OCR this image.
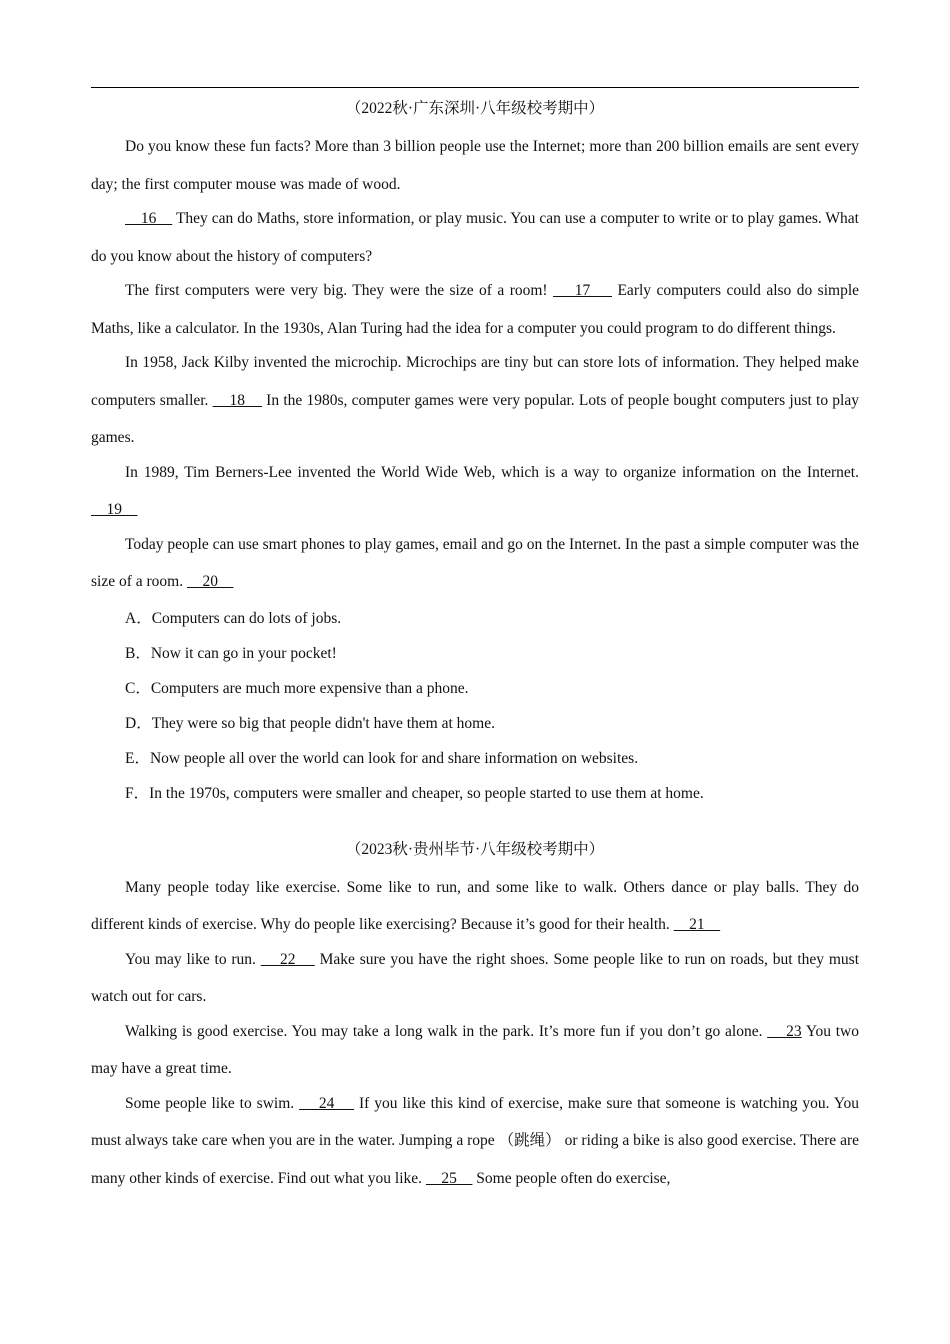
（2022秋·广东深圳·八年级校考期中）

Do you know these fun facts? More than 3 billion people use the Internet; more than 200 billion emails are sent every day; the first computer mouse was made of wood.

16     They can do Maths, store information, or play music. You can use a computer to write or to play games. What do you know about the history of computers?

The first computers were very big. They were the size of a room!     17     Early computers could also do simple Maths, like a calculator. In the 1930s, Alan Turing had the idea for a computer you could program to do different things.

In 1958, Jack Kilby invented the microchip. Microchips are tiny but can store lots of information. They helped make computers smaller.     18     In the 1980s, computer games were very popular. Lots of people bought computers just to play games.

In 1989, Tim Berners-Lee invented the World Wide Web, which is a way to organize information on the Internet.     19

Today people can use smart phones to play games, email and go on the Internet. In the past a simple computer was the size of a room.     20

A．Computers can do lots of jobs.

B．Now it can go in your pocket!

C．Computers are much more expensive than a phone.

D．They were so big that people didn't have them at home.

E．Now people all over the world can look for and share information on websites.

F．In the 1970s, computers were smaller and cheaper, so people started to use them at home.

（2023秋·贵州毕节·八年级校考期中）

Many people today like exercise. Some like to run, and some like to walk. Others dance or play balls. They do different kinds of exercise. Why do people like exercising? Because it’s good for their health.     21

You may like to run.     22     Make sure you have the right shoes. Some people like to run on roads, but they must watch out for cars.

Walking is good exercise. You may take a long walk in the park. It’s more fun if you don’t go alone.     23 You two may have a great time.

Some people like to swim.     24     If you like this kind of exercise, make sure that someone is watching you. You must always take care when you are in the water. Jumping a rope （跳绳） or riding a bike is also good exercise. There are many other kinds of exercise. Find out what you like.     25     Some people often do exercise,
